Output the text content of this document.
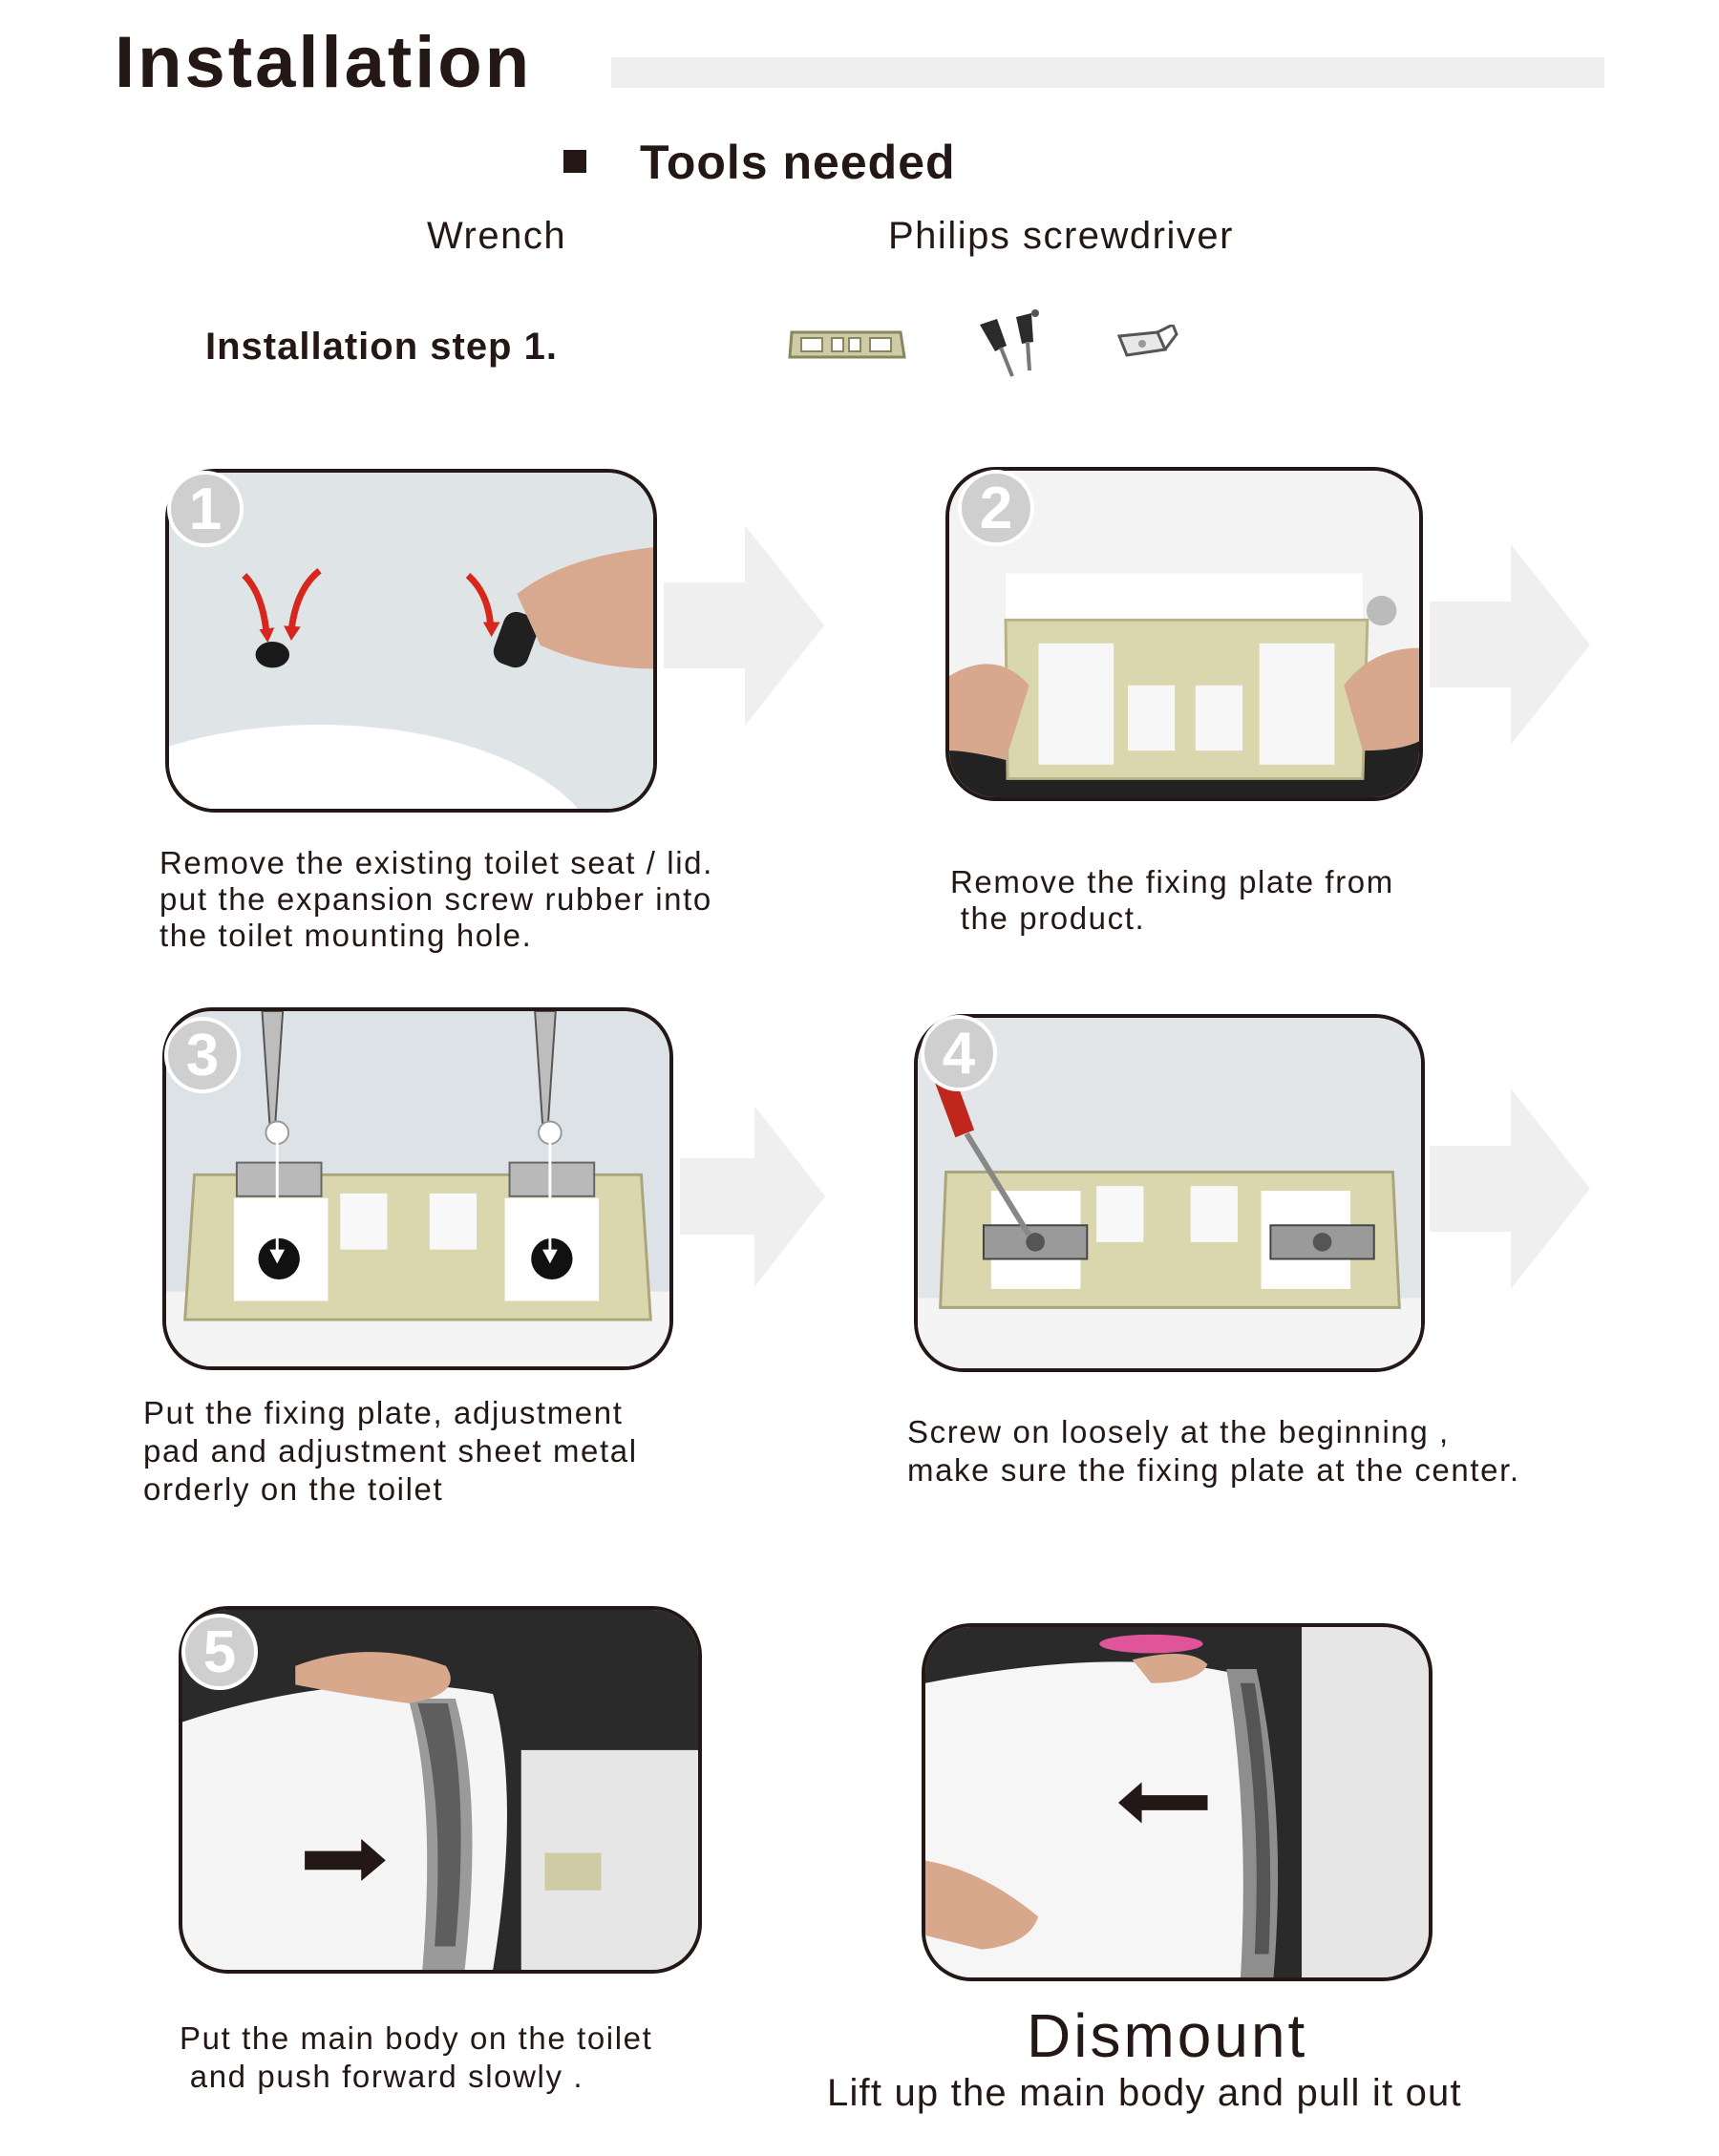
Installation
Tools needed
Wrench	Philips screwdriver
Installation step 1.
1	2
3	4
5
Remove the existing toilet seat / lid.
put the expansion screw rubber into
the toilet mounting hole.
Remove the fixing plate from
the product.
Put the fixing plate, adjustment
pad and adjustment sheet metal
orderly on the toilet
Screw on loosely at the beginning ,
make sure the fixing plate at the center.
Put the main body on the toilet
and push forward slowly .
Dismount
Lift up the main body and pull it out
